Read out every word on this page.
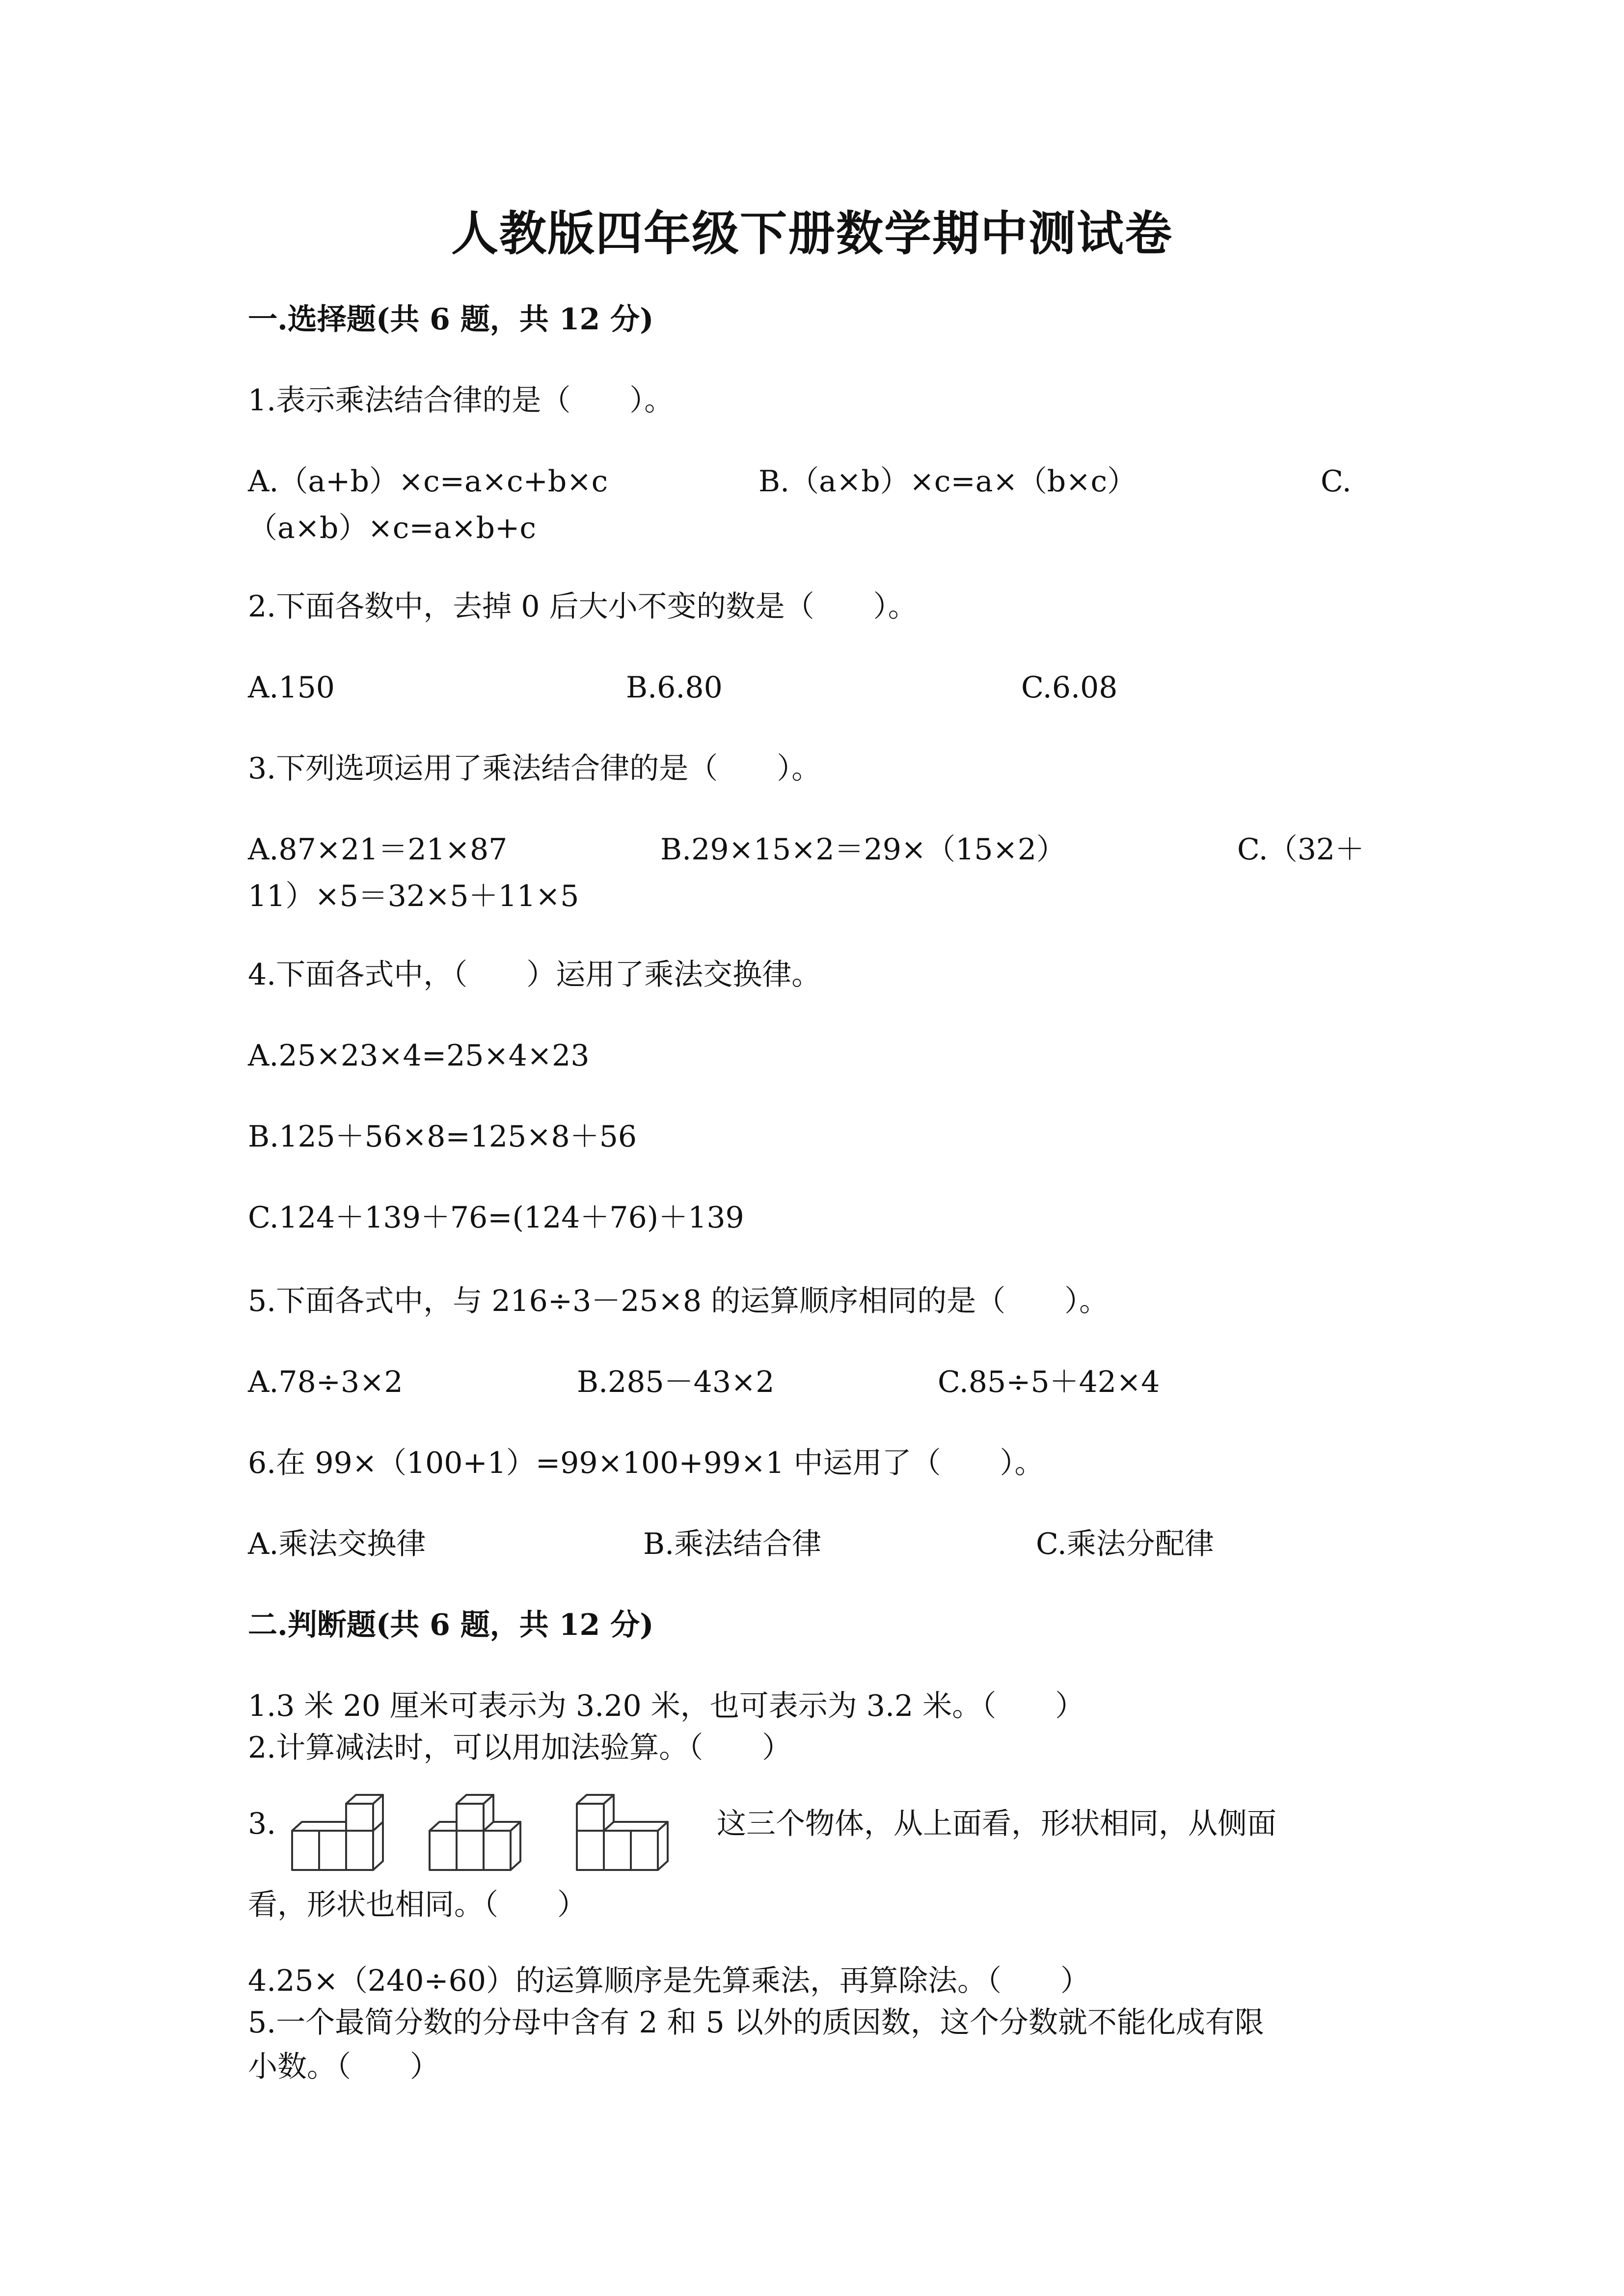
人教版四年级下册数学期中测试卷
一.选择题(共 6 题，共 12 分)
1.表示乘法结合律的是（　　）。
A.（a+b）×c=a×c+b×c	B.（a×b）×c=a×（b×c）	C.
（a×b）×c=a×b+c
2.下面各数中，去掉 0 后大小不变的数是（　　）。
A.150	B.6.80	C.6.08
3.下列选项运用了乘法结合律的是（　　）。
A.87×21＝21×87	B.29×15×2＝29×（15×2）	C.（32＋
11）×5＝32×5＋11×5
4.下面各式中，（　　）运用了乘法交换律。
A.25×23×4=25×4×23
B.125＋56×8=125×8＋56
C.124＋139＋76=(124＋76)＋139
5.下面各式中，与 216÷3－25×8 的运算顺序相同的是（　　）。
A.78÷3×2	B.285－43×2	C.85÷5＋42×4
6.在 99×（100+1）=99×100+99×1 中运用了（　　）。
A.乘法交换律	B.乘法结合律	C.乘法分配律
二.判断题(共 6 题，共 12 分)
1.3 米 20 厘米可表示为 3.20 米，也可表示为 3.2 米。（　　）
2.计算减法时，可以用加法验算。（　　）
3.	这三个物体，从上面看，形状相同，从侧面
看，形状也相同。（　　）
4.25×（240÷60）的运算顺序是先算乘法，再算除法。（　　）
5.一个最简分数的分母中含有 2 和 5 以外的质因数，这个分数就不能化成有限
小数。（　　）
